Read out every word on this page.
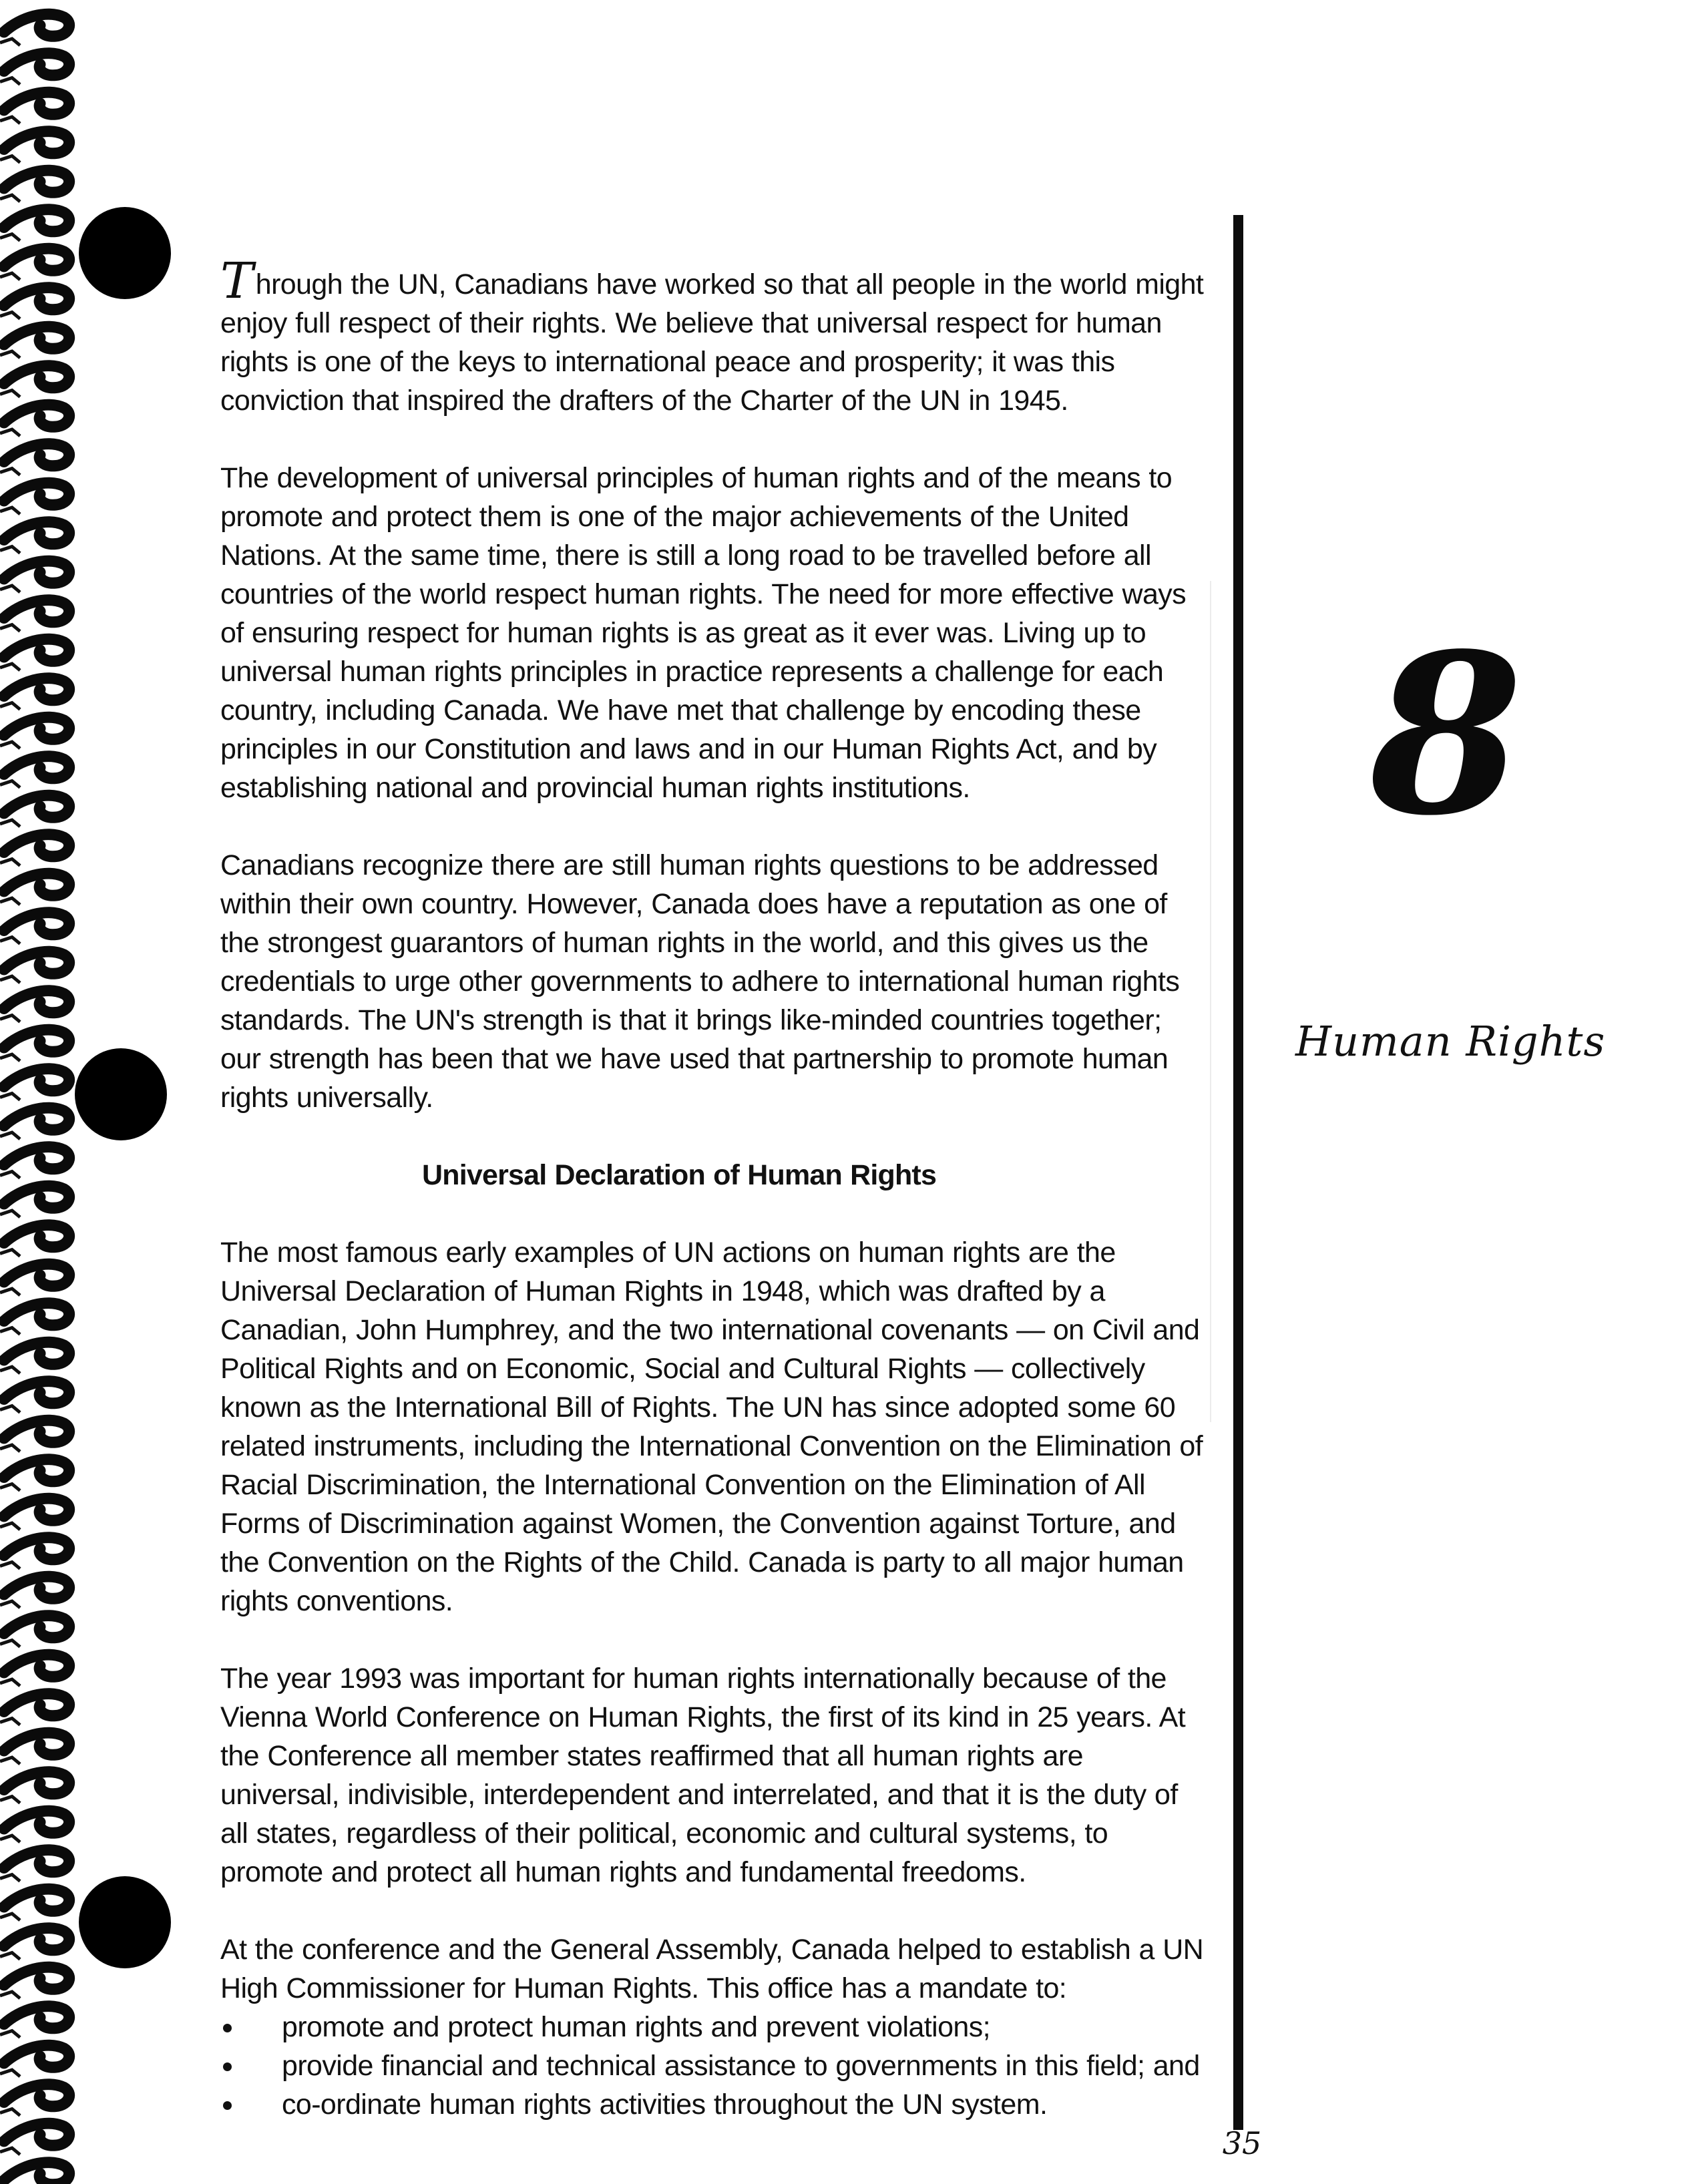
Through the UN, Canadians have worked so that all people in the world might enjoy full respect of their rights. We believe that universal respect for human rights is one of the keys to international peace and prosperity; it was this conviction that inspired the drafters of the Charter of the UN in 1945.

The development of universal principles of human rights and of the means to promote and protect them is one of the major achievements of the United Nations. At the same time, there is still a long road to be travelled before all countries of the world respect human rights. The need for more effective ways of ensuring respect for human rights is as great as it ever was. Living up to universal human rights principles in practice represents a challenge for each country, including Canada. We have met that challenge by encoding these principles in our Constitution and laws and in our Human Rights Act, and by establishing national and provincial human rights institutions.

Canadians recognize there are still human rights questions to be addressed within their own country. However, Canada does have a reputation as one of the strongest guarantors of human rights in the world, and this gives us the credentials to urge other governments to adhere to international human rights standards. The UN's strength is that it brings like-minded countries together; our strength has been that we have used that partnership to promote human rights universally.

Universal Declaration of Human Rights

The most famous early examples of UN actions on human rights are the Universal Declaration of Human Rights in 1948, which was drafted by a Canadian, John Humphrey, and the two international covenants — on Civil and Political Rights and on Economic, Social and Cultural Rights — collectively known as the International Bill of Rights. The UN has since adopted some 60 related instruments, including the International Convention on the Elimination of Racial Discrimination, the International Convention on the Elimination of All Forms of Discrimination against Women, the Convention against Torture, and the Convention on the Rights of the Child. Canada is party to all major human rights conventions.

The year 1993 was important for human rights internationally because of the Vienna World Conference on Human Rights, the first of its kind in 25 years. At the Conference all member states reaffirmed that all human rights are universal, indivisible, interdependent and interrelated, and that it is the duty of all states, regardless of their political, economic and cultural systems, to promote and protect all human rights and fundamental freedoms.

At the conference and the General Assembly, Canada helped to establish a UN High Commissioner for Human Rights. This office has a mandate to:

promote and protect human rights and prevent violations;
provide financial and technical assistance to governments in this field; and
co-ordinate human rights activities throughout the UN system.
8
Human Rights
35
